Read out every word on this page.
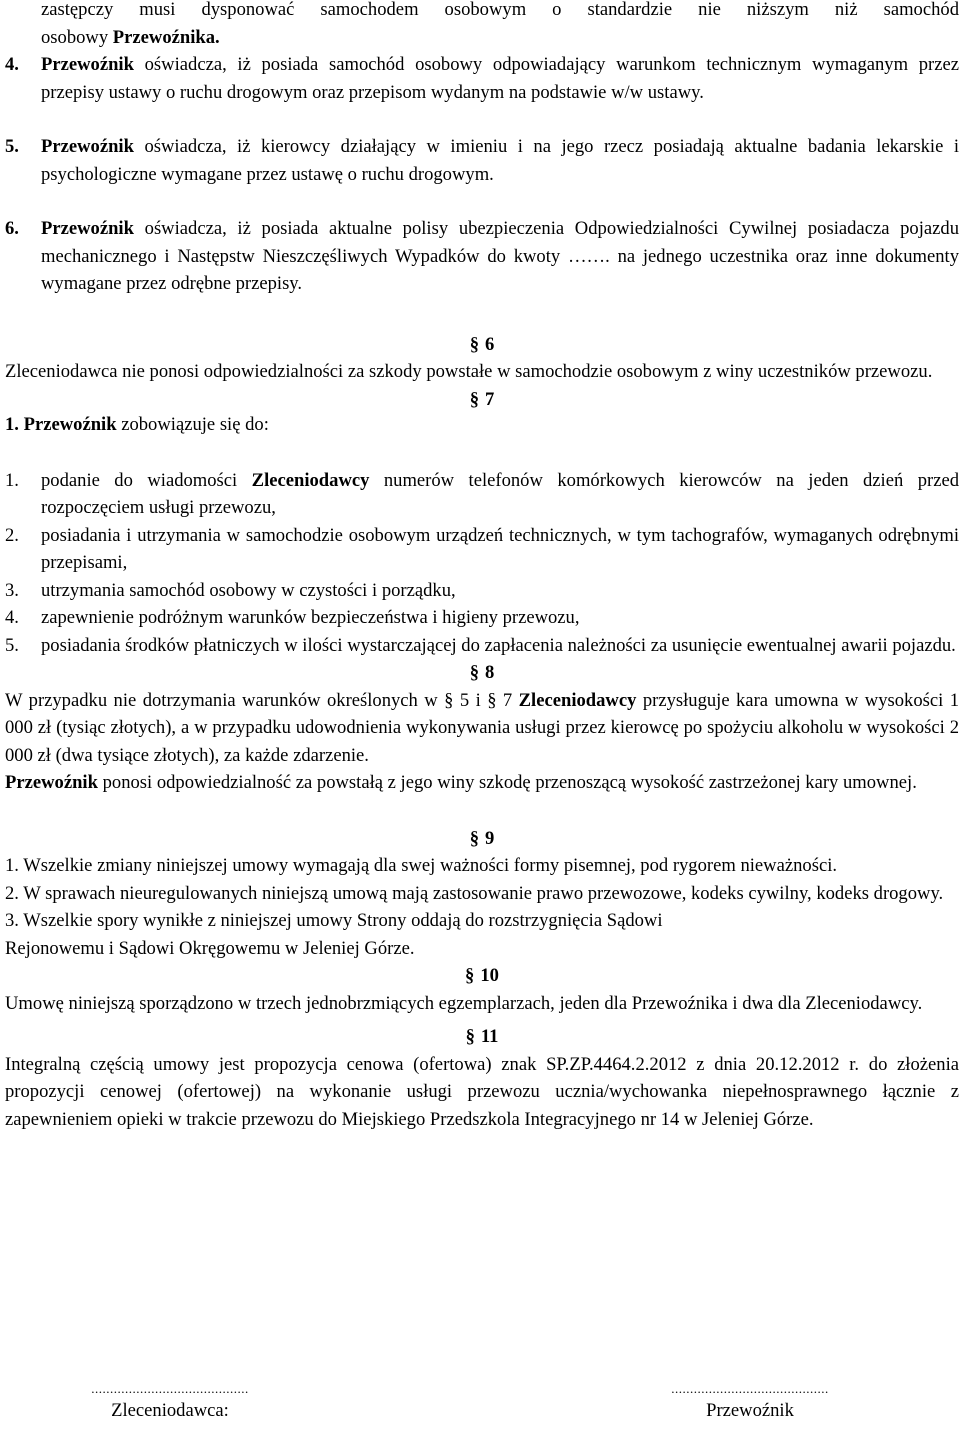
zastępczy musi dysponować samochodem osobowym o standardzie nie niższym niż samochód

osobowy Przewoźnika.

4. Przewoźnik oświadcza, iż posiada samochód osobowy odpowiadający warunkom technicznym wymaganym przez przepisy ustawy o ruchu drogowym oraz przepisom wydanym na podstawie w/w ustawy.

5. Przewoźnik oświadcza, iż kierowcy działający w imieniu i na jego rzecz posiadają aktualne badania lekarskie i psychologiczne wymagane przez ustawę o ruchu drogowym.

6. Przewoźnik oświadcza, iż posiada aktualne polisy ubezpieczenia Odpowiedzialności Cywilnej posiadacza pojazdu mechanicznego i Następstw Nieszczęśliwych Wypadków do kwoty ……. na jednego uczestnika oraz inne dokumenty wymagane przez odrębne przepisy.

§ 6

Zleceniodawca nie ponosi odpowiedzialności za szkody powstałe w samochodzie osobowym z winy uczestników przewozu.

§ 7

1. Przewoźnik zobowiązuje się do:

1. podanie do wiadomości Zleceniodawcy numerów telefonów komórkowych kierowców na jeden dzień przed rozpoczęciem usługi przewozu,

2. posiadania i utrzymania w samochodzie osobowym urządzeń technicznych, w tym tachografów, wymaganych odrębnymi przepisami,

3. utrzymania samochód osobowy w czystości i porządku,

4. zapewnienie podróżnym warunków bezpieczeństwa i higieny przewozu,

5. posiadania środków płatniczych w ilości wystarczającej do zapłacenia należności za usunięcie ewentualnej awarii pojazdu.

§ 8

W przypadku nie dotrzymania warunków określonych w § 5 i § 7 Zleceniodawcy przysługuje kara umowna w wysokości 1 000 zł (tysiąc złotych), a w przypadku udowodnienia wykonywania usługi przez kierowcę po spożyciu alkoholu w wysokości 2 000 zł (dwa tysiące złotych), za każde zdarzenie.

Przewoźnik ponosi odpowiedzialność za powstałą z jego winy szkodę przenoszącą wysokość zastrzeżonej kary umownej.

§ 9

1. Wszelkie zmiany niniejszej umowy wymagają dla swej ważności formy pisemnej, pod rygorem nieważności.

2. W sprawach nieuregulowanych niniejszą umową mają zastosowanie prawo przewozowe, kodeks cywilny, kodeks drogowy.

3. Wszelkie spory wynikłe z niniejszej umowy Strony oddają do rozstrzygnięcia Sądowi

Rejonowemu i Sądowi Okręgowemu w Jeleniej Górze.

§ 10

Umowę niniejszą sporządzono w trzech jednobrzmiących egzemplarzach, jeden dla Przewoźnika i dwa dla Zleceniodawcy.

§ 11

Integralną częścią umowy jest propozycja cenowa (ofertowa) znak SP.ZP.4464.2.2012 z dnia 20.12.2012 r. do złożenia propozycji cenowej (ofertowej) na wykonanie usługi przewozu ucznia/wychowanka niepełnosprawnego łącznie z zapewnieniem opieki w trakcie przewozu do Miejskiego Przedszkola Integracyjnego nr 14 w Jeleniej Górze.

..........................................
Zleceniodawca:
..........................................
Przewoźnik
